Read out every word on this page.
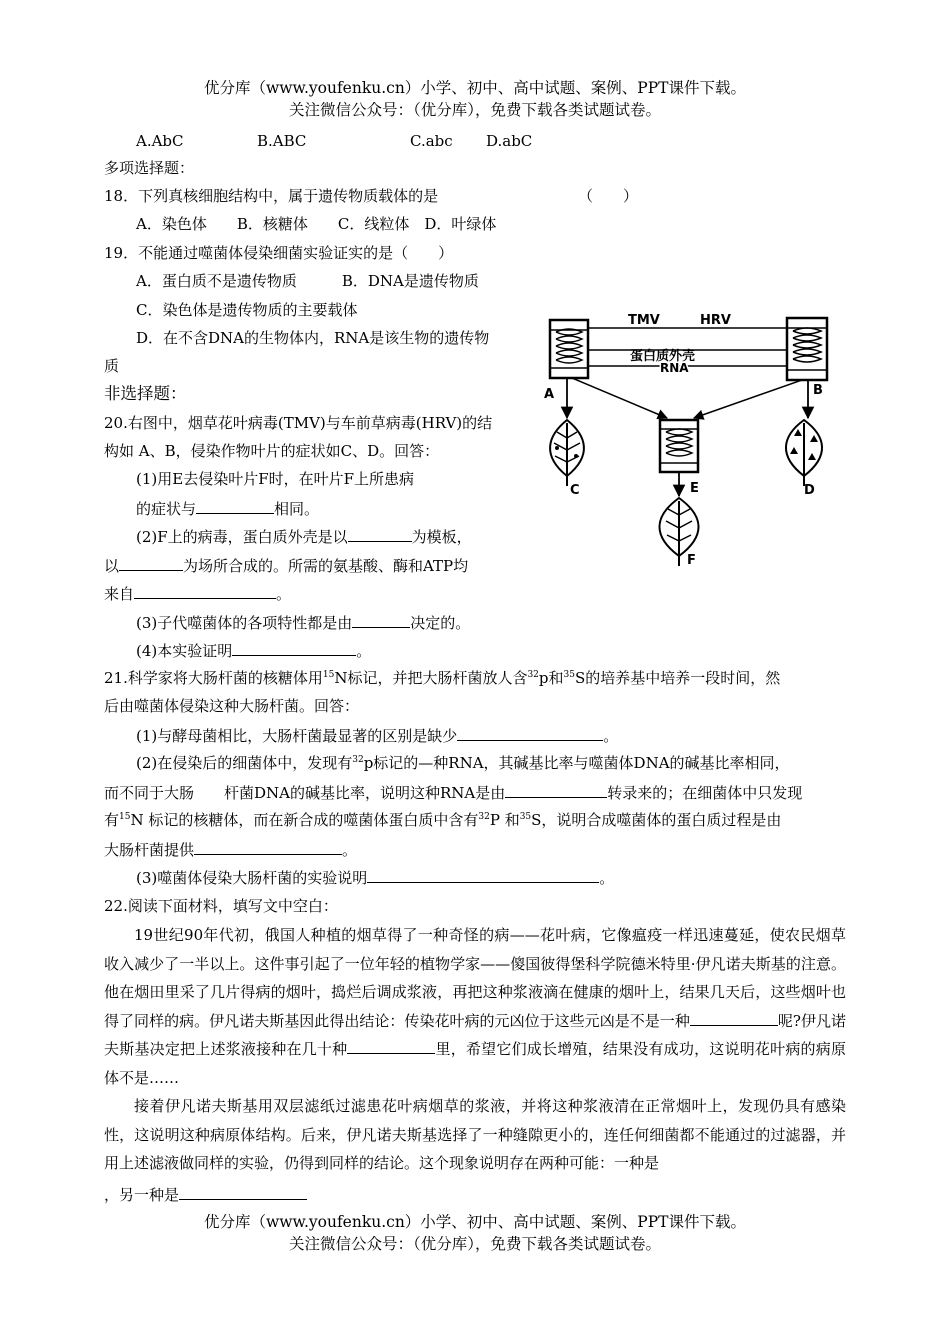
优分库（www.youfenku.cn）小学、初中、高中试题、案例、PPT课件下载。
关注微信公众号：（优分库），免费下载各类试题试卷。
A.AbC	B.ABC	C.abc D.abC
多项选择题：
18．下列真核细胞结构中，属于遗传物质载体的是	（　　）
A．染色体　　B．核糖体　　C．线粒体　D．叶绿体
19．不能通过噬菌体侵染细菌实验证实的是（　　）
A．蛋白质不是遗传物质　　　B．DNA是遗传物质
C．染色体是遗传物质的主要载体
D．在不含DNA的生物体内，RNA是该生物的遗传物
质
非选择题：
20.右图中，烟草花叶病毒(TMV)与车前草病毒(HRV)的结
构如 A、B，侵染作物叶片的症状如C、D。回答：
(1)用E去侵染叶片F时，在叶片F上所患病
的症状与	相同。
(2)F上的病毒，蛋白质外壳是以	为模板，
以	为场所合成的。所需的氨基酸、酶和ATP均
来自	。
(3)子代噬菌体的各项特性都是由	决定的。
(4)本实验证明	。
TMV	HRV
蛋白质外壳
RNA
A	B
C	D
E
F
21.科学家将大肠杆菌的核糖体用$^{15}$N标记，并把大肠杆菌放人含$^{32}$p和$^{35}$S的培养基中培养一段时间，然
后由噬菌体侵染这种大肠杆菌。回答：
(1)与酵母菌相比，大肠杆菌最显著的区别是缺少	。
(2)在侵染后的细菌体中，发现有$^{32}$p标记的—种RNA，其碱基比率与噬菌体DNA的碱基比率相同，
而不同于大肠　　杆菌DNA的碱基比率，说明这种RNA是由	转录来的；在细菌体中只发现
有$^{15}$N 标记的核糖体，而在新合成的噬菌体蛋白质中含有$^{32}$P 和$^{35}$S，说明合成噬菌体的蛋白质过程是由
大肠杆菌提供	。
(3)噬菌体侵染大肠杆菌的实验说明	。
22.阅读下面材料，填写文中空白：
19世纪90年代初，俄国人种植的烟草得了一种奇怪的病——花叶病，它像瘟疫一样迅速蔓延，使农民烟草收入减少了一半以上。这件事引起了一位年轻的植物学家——傻国彼得堡科学院德米特里·伊凡诺夫斯基的注意。他在烟田里采了几片得病的烟叶，捣烂后调成浆液，再把这种浆液滴在健康的烟叶上，结果几天后，这些烟叶也得了同样的病。伊凡诺夫斯基因此得出结论：传染花叶病的元凶位于这些元凶是不是一种	呢?伊凡诺夫斯基决定把上述浆液接种在几十种	里，希望它们成长增殖，结果没有成功，这说明花叶病的病原体不是……
接着伊凡诺夫斯基用双层滤纸过滤患花叶病烟草的浆液，并将这种浆液清在正常烟叶上，发现仍具有感染性，这说明这种病原体结构。后来，伊凡诺夫斯基选择了一种缝隙更小的，连任何细菌都不能通过的过滤器，并用上述滤液做同样的实验，仍得到同样的结论。这个现象说明存在两种可能：一种是
，另一种是
优分库（www.youfenku.cn）小学、初中、高中试题、案例、PPT课件下载。
关注微信公众号：（优分库），免费下载各类试题试卷。
